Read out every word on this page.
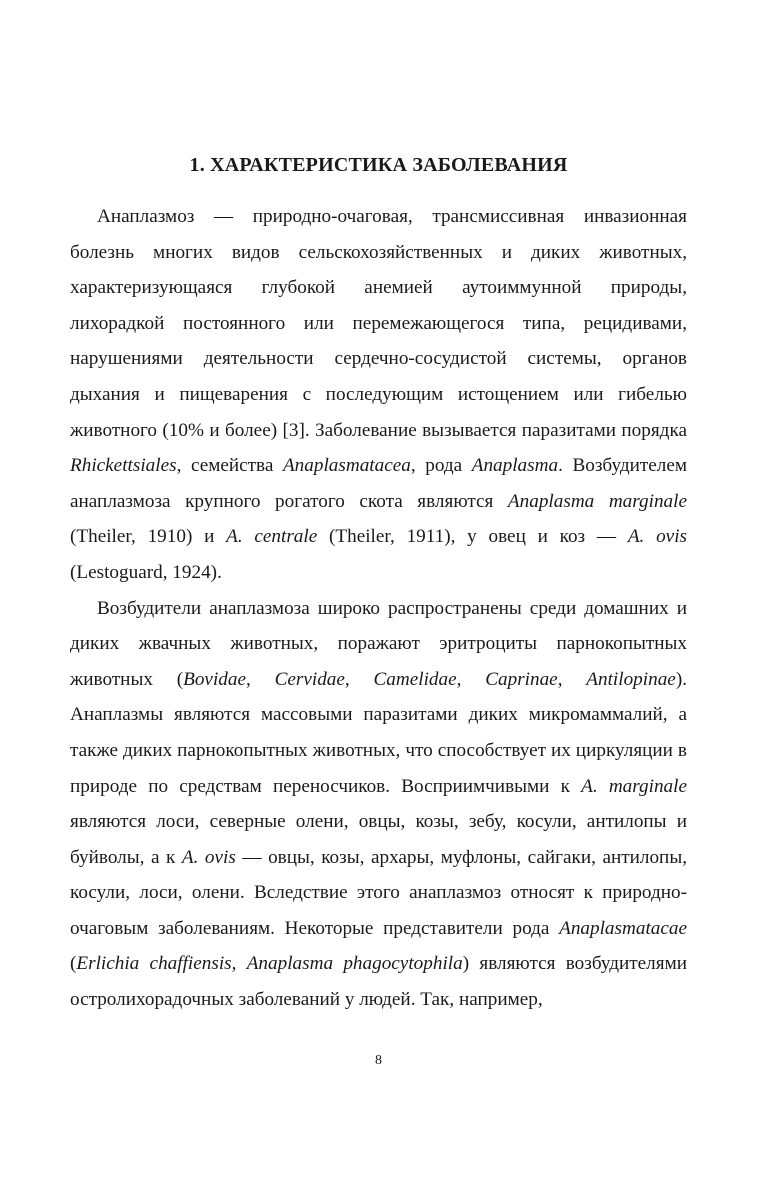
1. ХАРАКТЕРИСТИКА ЗАБОЛЕВАНИЯ

Анаплазмоз — природно-очаговая, трансмиссивная инвазионная болезнь многих видов сельскохозяйственных и диких животных, характеризующаяся глубокой анемией аутоиммунной природы, лихорадкой постоянного или перемежающегося типа, рецидивами, нарушениями деятельности сердечно-сосудистой системы, органов дыхания и пищеварения с последующим истощением или гибелью животного (10% и более) [3]. Заболевание вызывается паразитами порядка Rhickettsiales, семейства Anaplasmatacea, рода Anaplasma. Возбудителем анаплазмоза крупного рогатого скота являются Anaplasma marginale (Theiler, 1910) и A. centrale (Theiler, 1911), у овец и коз — A. ovis (Lestoguard, 1924).

Возбудители анаплазмоза широко распространены среди домашних и диких жвачных животных, поражают эритроциты парнокопытных животных (Bovidae, Cervidae, Camelidae, Caprinae, Antilopinae). Анаплазмы являются массовыми паразитами диких микромаммалий, а также диких парнокопытных животных, что способствует их циркуляции в природе по средствам переносчиков. Восприимчивыми к A. marginale являются лоси, северные олени, овцы, козы, зебу, косули, антилопы и буйволы, а к A. ovis — овцы, козы, архары, муфлоны, сайгаки, антилопы, косули, лоси, олени. Вследствие этого анаплазмоз относят к природно-очаговым заболеваниям. Некоторые представители рода Anaplasmatacae (Erlichia chaffiensis, Anaplasma phagocytophila) являются возбудителями остролихорадочных заболеваний у людей. Так, например,

8
